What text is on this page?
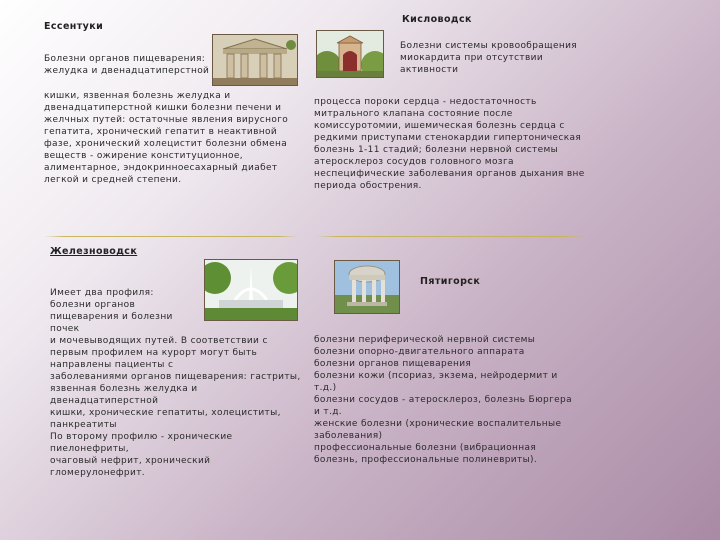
Ессентуки
Болезни органов пищеварения: желудка и двенадцатиперстной
кишки, язвенная болезнь желудка и двенадцатиперстной кишки болезни печени и желчных путей: остаточные явления вирусного гепатита, хронический гепатит в неактивной фазе, хронический холецистит болезни обмена веществ - ожирение конституционное, алиментарное, эндокринноесахарный диабет легкой и средней степени.
Кисловодск
Болезни системы кровообращения миокардита при отсутствии активности
процесса пороки сердца - недостаточность митрального клапана состояние после комиссуротомии, ишемическая болезнь сердца с редкими приступами стенокардии гипертоническая болезнь 1-11 стадий; болезни нервной системы атеросклероз сосудов головного мозга неспецифические заболевания органов дыхания вне периода обострения.
Железноводск
Имеет два профиля:
болезни органов
пищеварения и болезни
почек
и мочевыводящих путей. В соответствии с первым профилем на курорт могут быть направлены пациенты с
заболеваниями органов пищеварения: гастриты, язвенная болезнь желудка и
двенадцатиперстной
кишки, хронические гепатиты, холециститы, панкреатиты
По второму профилю - хронические пиелонефриты,
очаговый нефрит, хронический
гломерулонефрит.
Пятигорск
болезни периферической нервной системы
болезни опорно-двигательного аппарата
болезни органов пищеварения
болезни кожи (псориаз, экзема, нейродермит и т.д.)
болезни сосудов - атеросклероз, болезнь Бюргера и т.д.
женские болезни (хронические воспалительные заболевания)
профессиональные болезни (вибрационная болезнь, профессиональные полиневриты).
